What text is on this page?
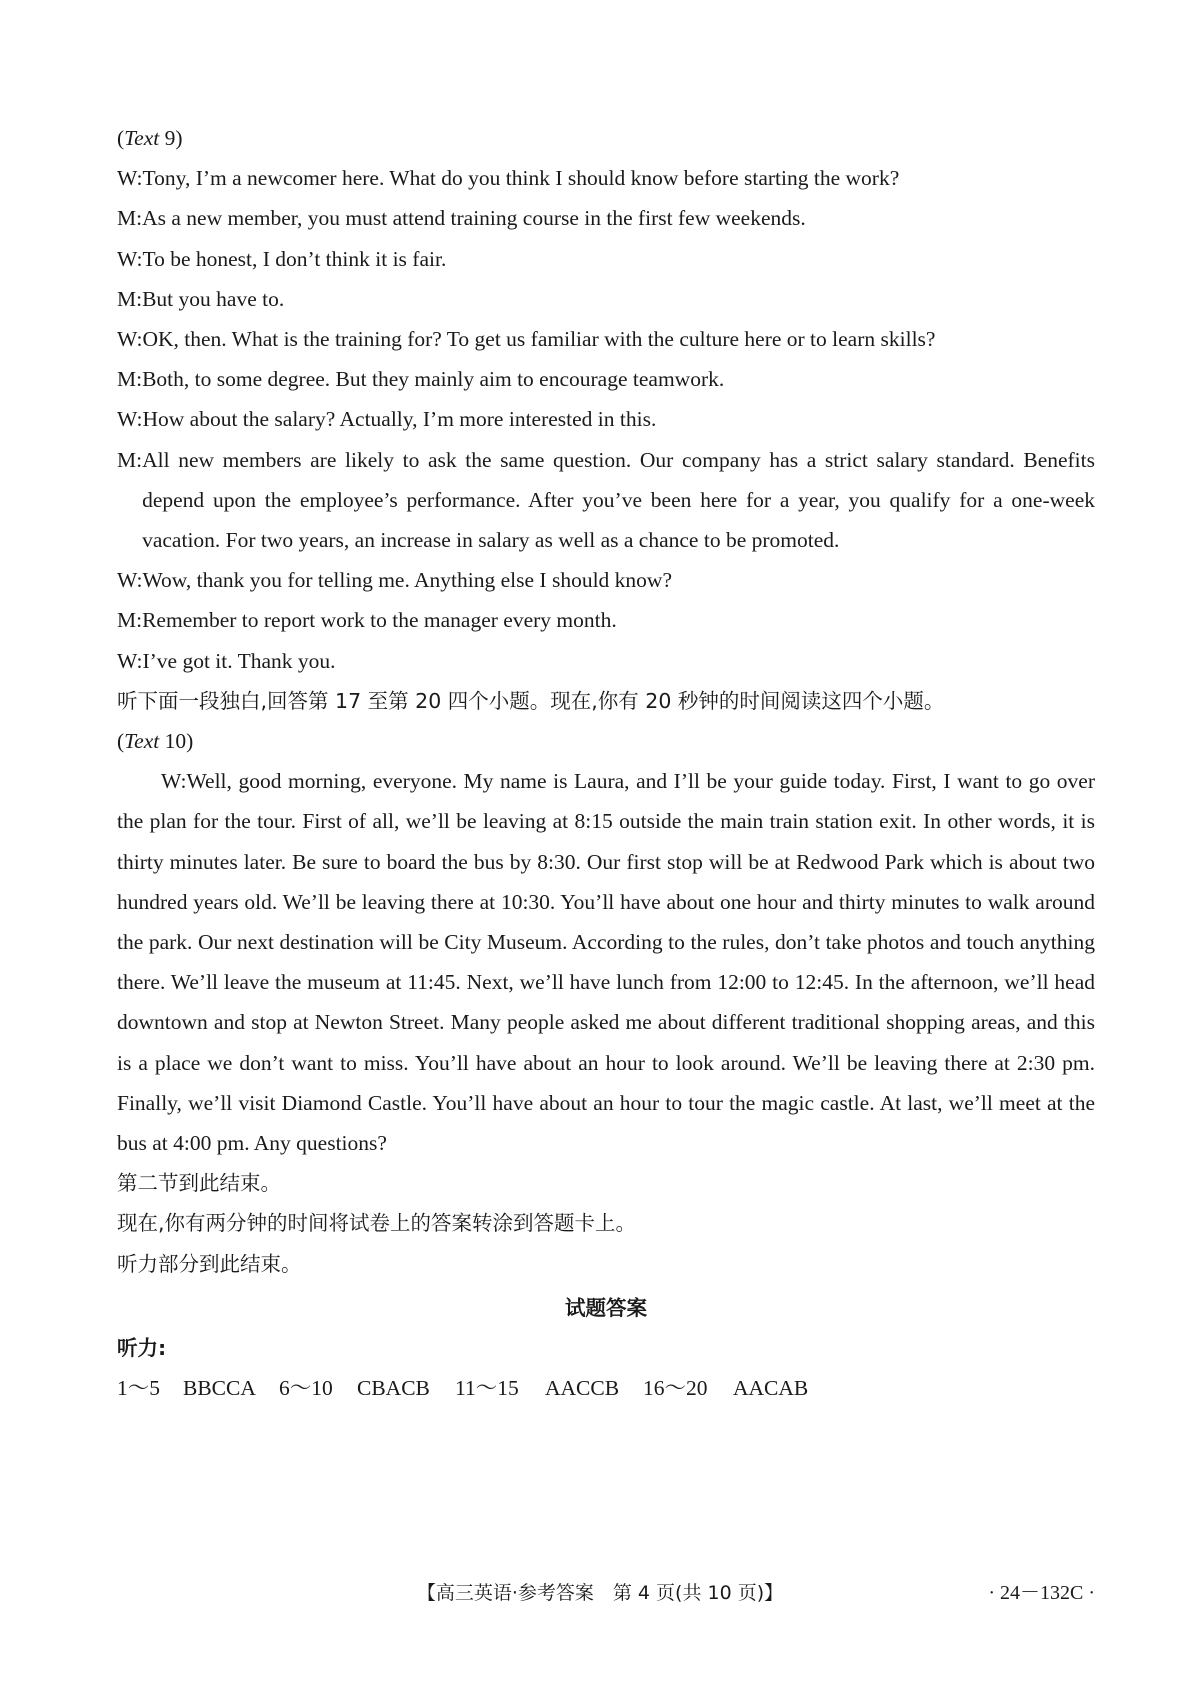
(Text 9)
W: Tony, I’m a newcomer here. What do you think I should know before starting the work?
M: As a new member, you must attend training course in the first few weekends.
W: To be honest, I don’t think it is fair.
M: But you have to.
W: OK, then. What is the training for? To get us familiar with the culture here or to learn skills?
M: Both, to some degree. But they mainly aim to encourage teamwork.
W: How about the salary? Actually, I’m more interested in this.
M: All new members are likely to ask the same question. Our company has a strict salary standard. Benefits depend upon the employee’s performance. After you’ve been here for a year, you qualify for a one-week vacation. For two years, an increase in salary as well as a chance to be promoted.
W: Wow, thank you for telling me. Anything else I should know?
M: Remember to report work to the manager every month.
W: I’ve got it. Thank you.
听下面一段独白,回答第 17 至第 20 四个小题。现在,你有 20 秒钟的时间阅读这四个小题。
(Text 10)
W:Well, good morning, everyone. My name is Laura, and I’ll be your guide today. First, I want to go over the plan for the tour. First of all, we’ll be leaving at 8:15 outside the main train station exit. In other words, it is thirty minutes later. Be sure to board the bus by 8:30. Our first stop will be at Redwood Park which is about two hundred years old. We’ll be leaving there at 10:30. You’ll have about one hour and thirty minutes to walk around the park. Our next destination will be City Museum. According to the rules, don’t take photos and touch anything there. We’ll leave the museum at 11:45. Next, we’ll have lunch from 12:00 to 12:45. In the afternoon, we’ll head downtown and stop at Newton Street. Many people asked me about different traditional shopping areas, and this is a place we don’t want to miss. You’ll have about an hour to look around. We’ll be leaving there at 2:30 pm. Finally, we’ll visit Diamond Castle. You’ll have about an hour to tour the magic castle. At last, we’ll meet at the bus at 4:00 pm. Any questions?
第二节到此结束。
现在,你有两分钟的时间将试卷上的答案转涂到答题卡上。
听力部分到此结束。
试题答案
听力:
1～5 BBCCA 6～10 CBACB 11～15 AACCB 16～20 AACAB
【高三英语·参考答案　第 4 页(共 10 页)】	· 24－132C ·
